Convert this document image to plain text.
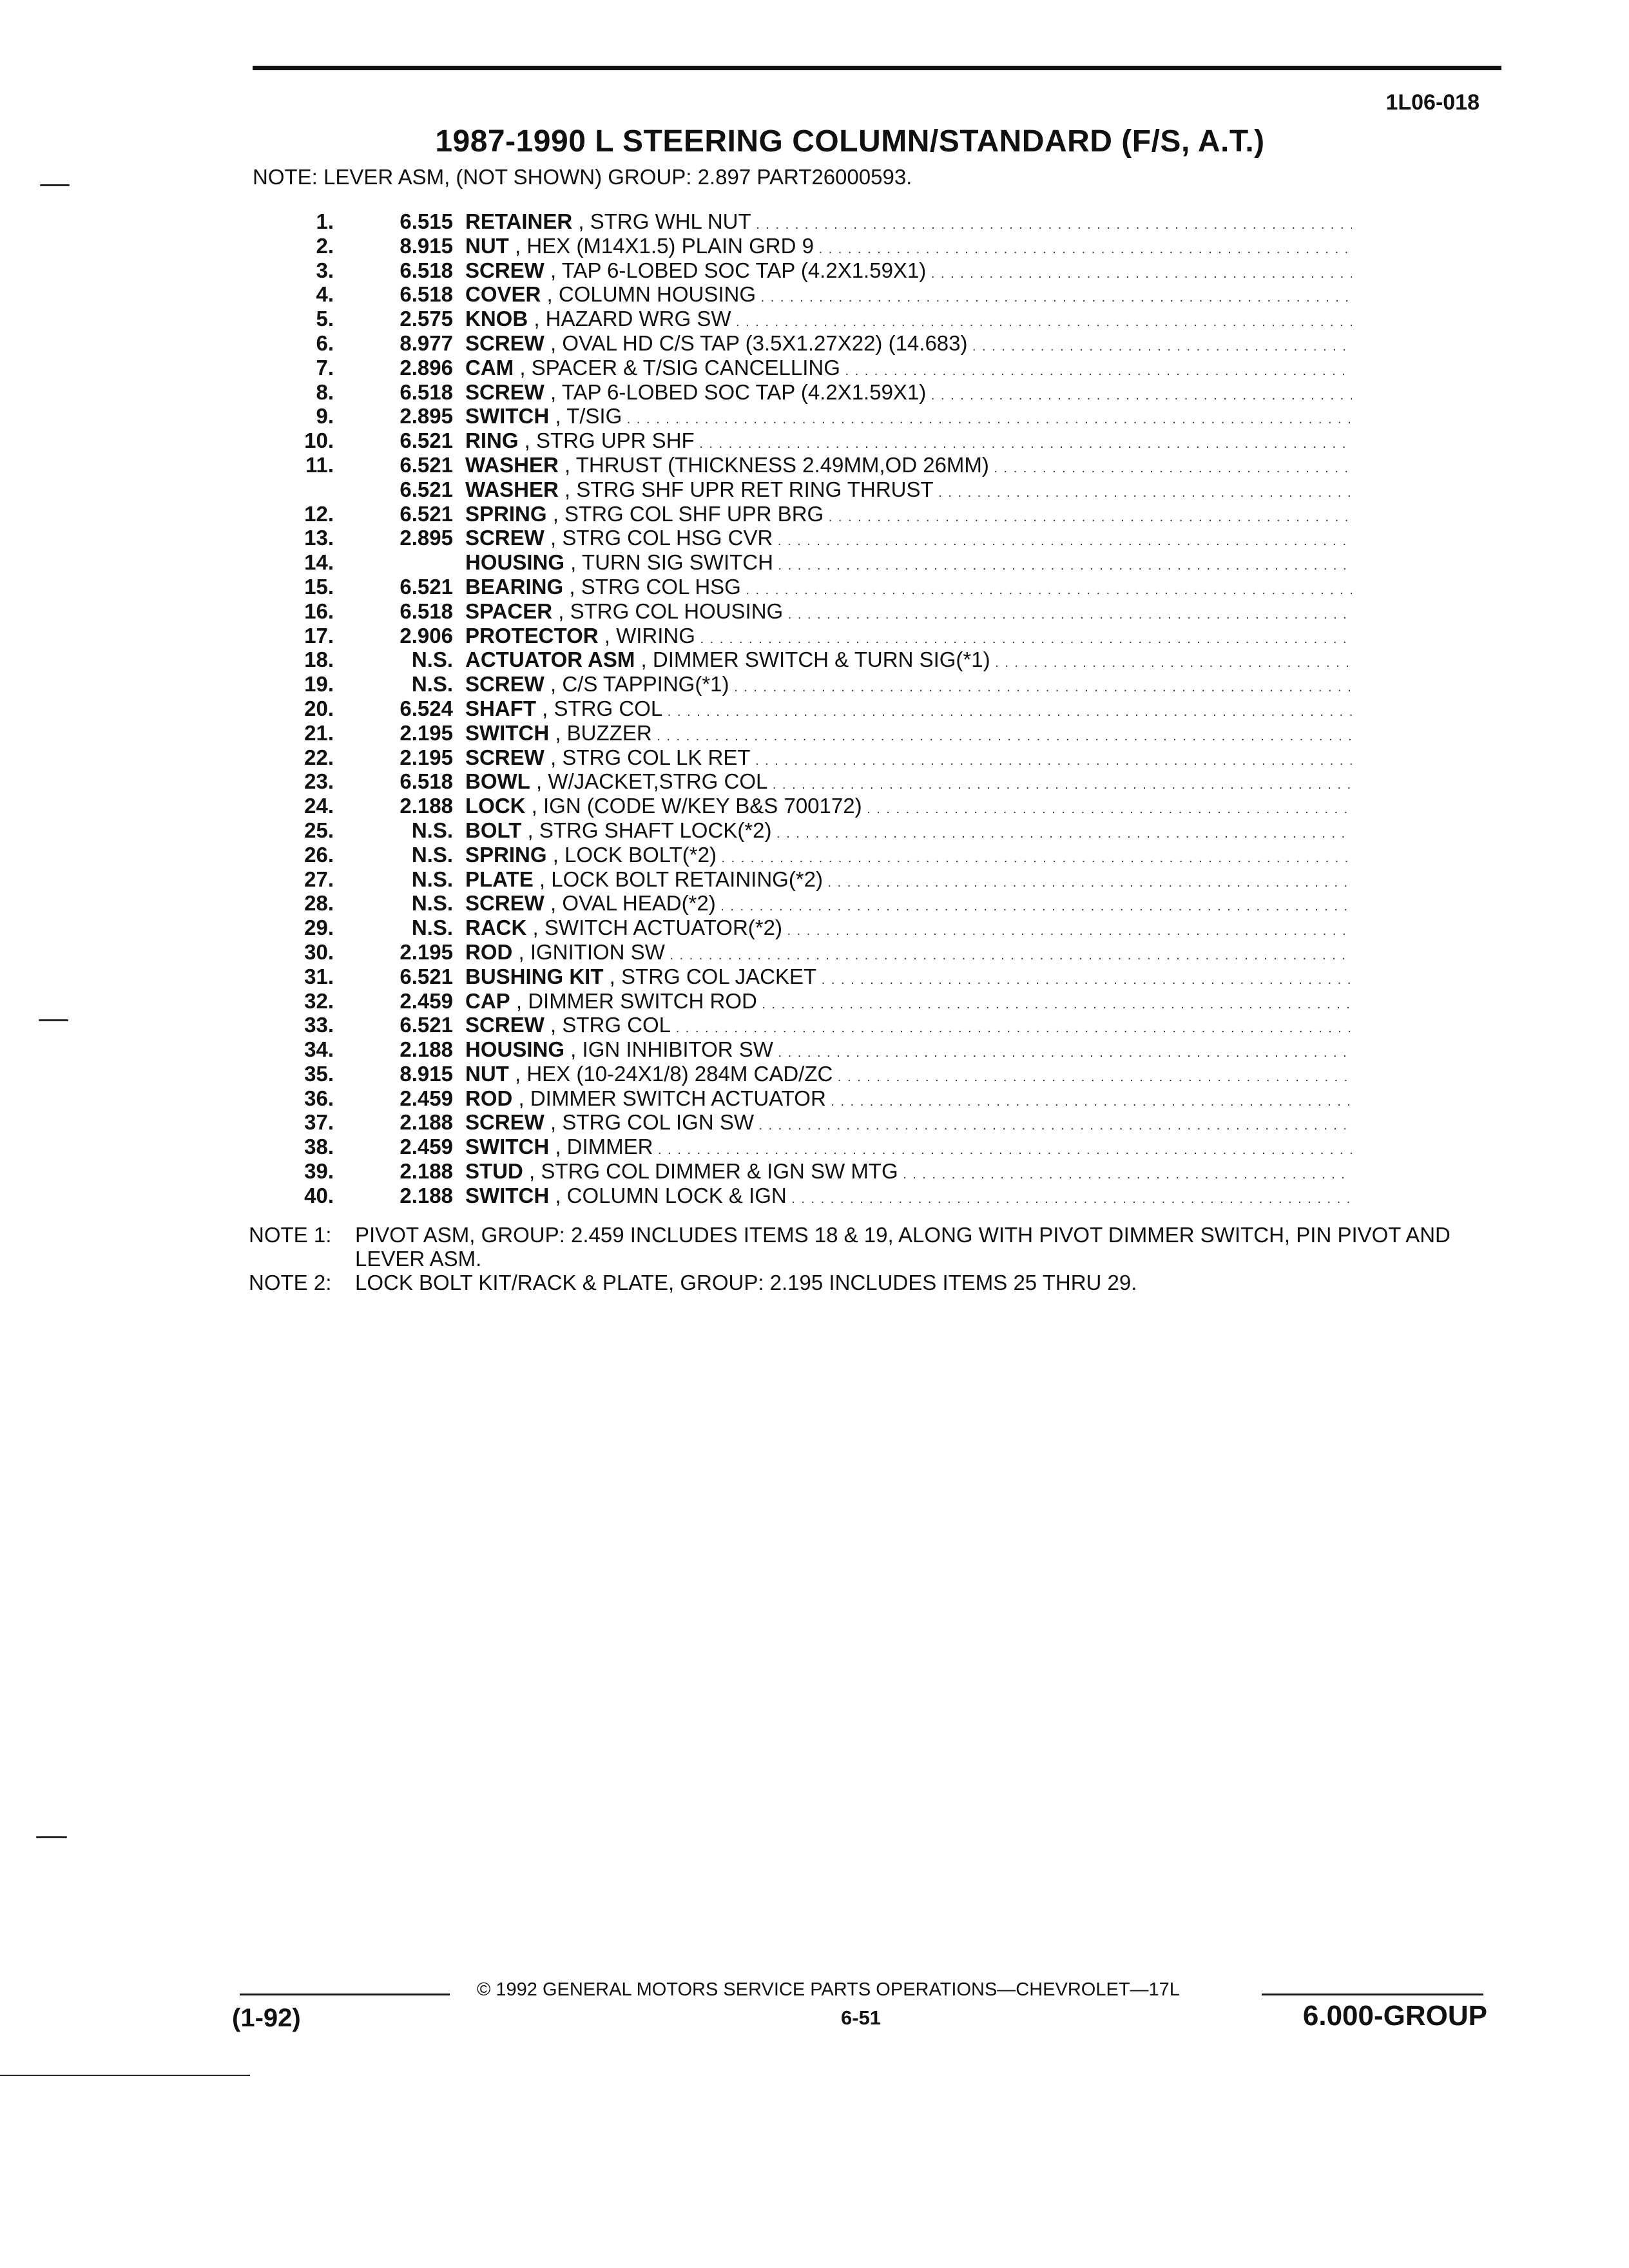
1L06-018
1987-1990 L STEERING COLUMN/STANDARD (F/S, A.T.)
NOTE: LEVER ASM, (NOT SHOWN) GROUP: 2.897 PART26000593.
1.	6.515 RETAINER , STRG WHL NUT . . .
2.	8.915 NUT , HEX (M14X1.5) PLAIN GRD 9 . . .
3.	6.518 SCREW , TAP 6-LOBED SOC TAP (4.2X1.59X1) . . .
4.	6.518 COVER , COLUMN HOUSING . . .
5.	2.575 KNOB , HAZARD WRG SW . . .
6.	8.977 SCREW , OVAL HD C/S TAP (3.5X1.27X22) (14.683) . . .
7.	2.896 CAM , SPACER & T/SIG CANCELLING . . .
8.	6.518 SCREW , TAP 6-LOBED SOC TAP (4.2X1.59X1) . . .
9.	2.895 SWITCH , T/SIG . . .
10.	6.521 RING , STRG UPR SHF . . .
11.	6.521 WASHER , THRUST (THICKNESS 2.49MM,OD 26MM) . . .
6.521 WASHER , STRG SHF UPR RET RING THRUST . . .
12.	6.521 SPRING , STRG COL SHF UPR BRG . . .
13.	2.895 SCREW , STRG COL HSG CVR . . .
14.	HOUSING , TURN SIG SWITCH . . .
15.	6.521 BEARING , STRG COL HSG . . .
16.	6.518 SPACER , STRG COL HOUSING . . .
17.	2.906 PROTECTOR , WIRING . . .
18.	N.S. ACTUATOR ASM , DIMMER SWITCH & TURN SIG(*1) . . .
19.	N.S. SCREW , C/S TAPPING(*1) . . .
20.	6.524 SHAFT , STRG COL . . .
21.	2.195 SWITCH , BUZZER . . .
22.	2.195 SCREW , STRG COL LK RET . . .
23.	6.518 BOWL , W/JACKET,STRG COL . . .
24.	2.188 LOCK , IGN (CODE W/KEY B&S 700172) . . .
25.	N.S. BOLT , STRG SHAFT LOCK(*2) . . .
26.	N.S. SPRING , LOCK BOLT(*2) . . .
27.	N.S. PLATE , LOCK BOLT RETAINING(*2) . . .
28.	N.S. SCREW , OVAL HEAD(*2) . . .
29.	N.S. RACK , SWITCH ACTUATOR(*2) . . .
30.	2.195 ROD , IGNITION SW . . .
31.	6.521 BUSHING KIT , STRG COL JACKET . . .
32.	2.459 CAP , DIMMER SWITCH ROD . . .
33.	6.521 SCREW , STRG COL . . .
34.	2.188 HOUSING , IGN INHIBITOR SW . . .
35.	8.915 NUT , HEX (10-24X1/8) 284M CAD/ZC . . .
36.	2.459 ROD , DIMMER SWITCH ACTUATOR . . .
37.	2.188 SCREW , STRG COL IGN SW . . .
38.	2.459 SWITCH , DIMMER . . .
39.	2.188 STUD , STRG COL DIMMER & IGN SW MTG . . .
40.	2.188 SWITCH , COLUMN LOCK & IGN . . .
NOTE 1:	PIVOT ASM, GROUP: 2.459 INCLUDES ITEMS 18 & 19, ALONG WITH PIVOT DIMMER SWITCH, PIN PIVOT AND LEVER ASM.
NOTE 2:	LOCK BOLT KIT/RACK & PLATE, GROUP: 2.195 INCLUDES ITEMS 25 THRU 29.
© 1992 GENERAL MOTORS SERVICE PARTS OPERATIONS—CHEVROLET—17L
(1-92)	6-51	6.000-GROUP
